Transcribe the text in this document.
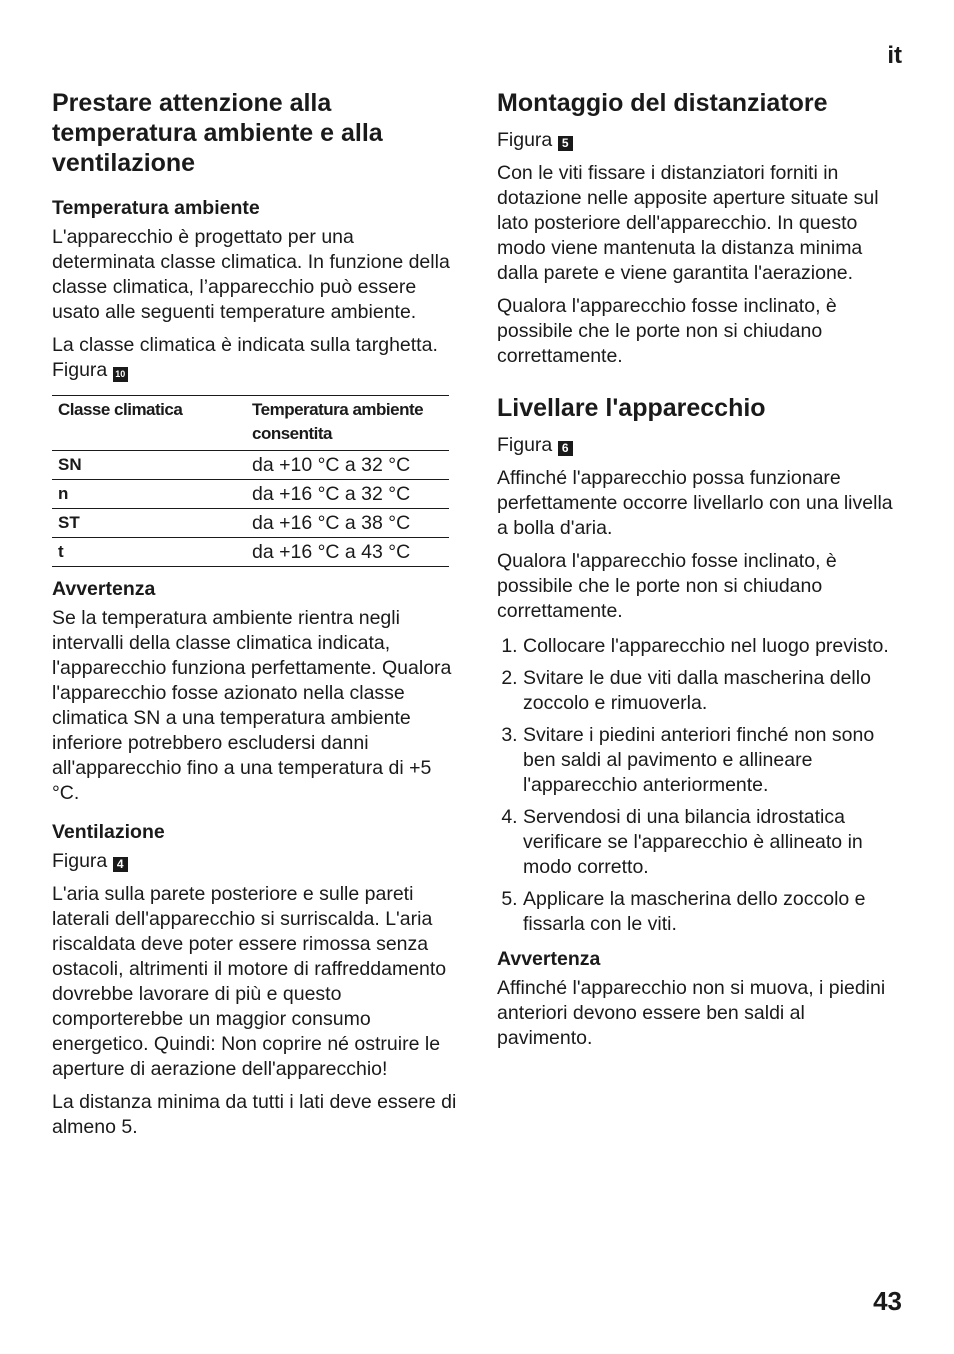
it
Prestare attenzione alla temperatura ambiente e alla ventilazione
Temperatura ambiente

L'apparecchio è progettato per una determinata classe climatica. In funzione della classe climatica, l’apparecchio può essere usato alle seguenti temperature ambiente.

La classe climatica è indicata sulla targhetta. Figura 10

Classe climatica	Temperatura ambiente consentita
SN	da +10 °C a 32 °C
n	da +16 °C a 32 °C
ST	da +16 °C a 38 °C
t	da +16 °C a 43 °C
Avvertenza

Se la temperatura ambiente rientra negli intervalli della classe climatica indicata, l'apparecchio funziona perfettamente. Qualora l'apparecchio fosse azionato nella classe climatica SN a una temperatura ambiente inferiore potrebbero escludersi danni all'apparecchio fino a una temperatura di +5 °C.

Ventilazione

Figura 4

L'aria sulla parete posteriore e sulle pareti laterali dell'apparecchio si surriscalda. L'aria riscaldata deve poter essere rimossa senza ostacoli, altrimenti il motore di raffreddamento dovrebbe lavorare di più e questo comporterebbe un maggior consumo energetico. Quindi: Non coprire né ostruire le aperture di aerazione dell'apparecchio!

La distanza minima da tutti i lati deve essere di almeno 5.

Montaggio del distanziatore

Figura 5

Con le viti fissare i distanziatori forniti in dotazione nelle apposite aperture situate sul lato posteriore dell'apparecchio. In questo modo viene mantenuta la distanza minima dalla parete e viene garantita l'aerazione.

Qualora l'apparecchio fosse inclinato, è possibile che le porte non si chiudano correttamente.

Livellare l'apparecchio

Figura 6

Affinché l'apparecchio possa funzionare perfettamente occorre livellarlo con una livella a bolla d'aria.

Qualora l'apparecchio fosse inclinato, è possibile che le porte non si chiudano correttamente.

1. Collocare l'apparecchio nel luogo previsto.
2. Svitare le due viti dalla mascherina dello zoccolo e rimuoverla.
3. Svitare i piedini anteriori finché non sono ben saldi al pavimento e allineare l'apparecchio anteriormente.
4. Servendosi di una bilancia idrostatica verificare se l'apparecchio è allineato in modo corretto.
5. Applicare la mascherina dello zoccolo e fissarla con le viti.
Avvertenza

Affinché l'apparecchio non si muova, i piedini anteriori devono essere ben saldi al pavimento.

43
